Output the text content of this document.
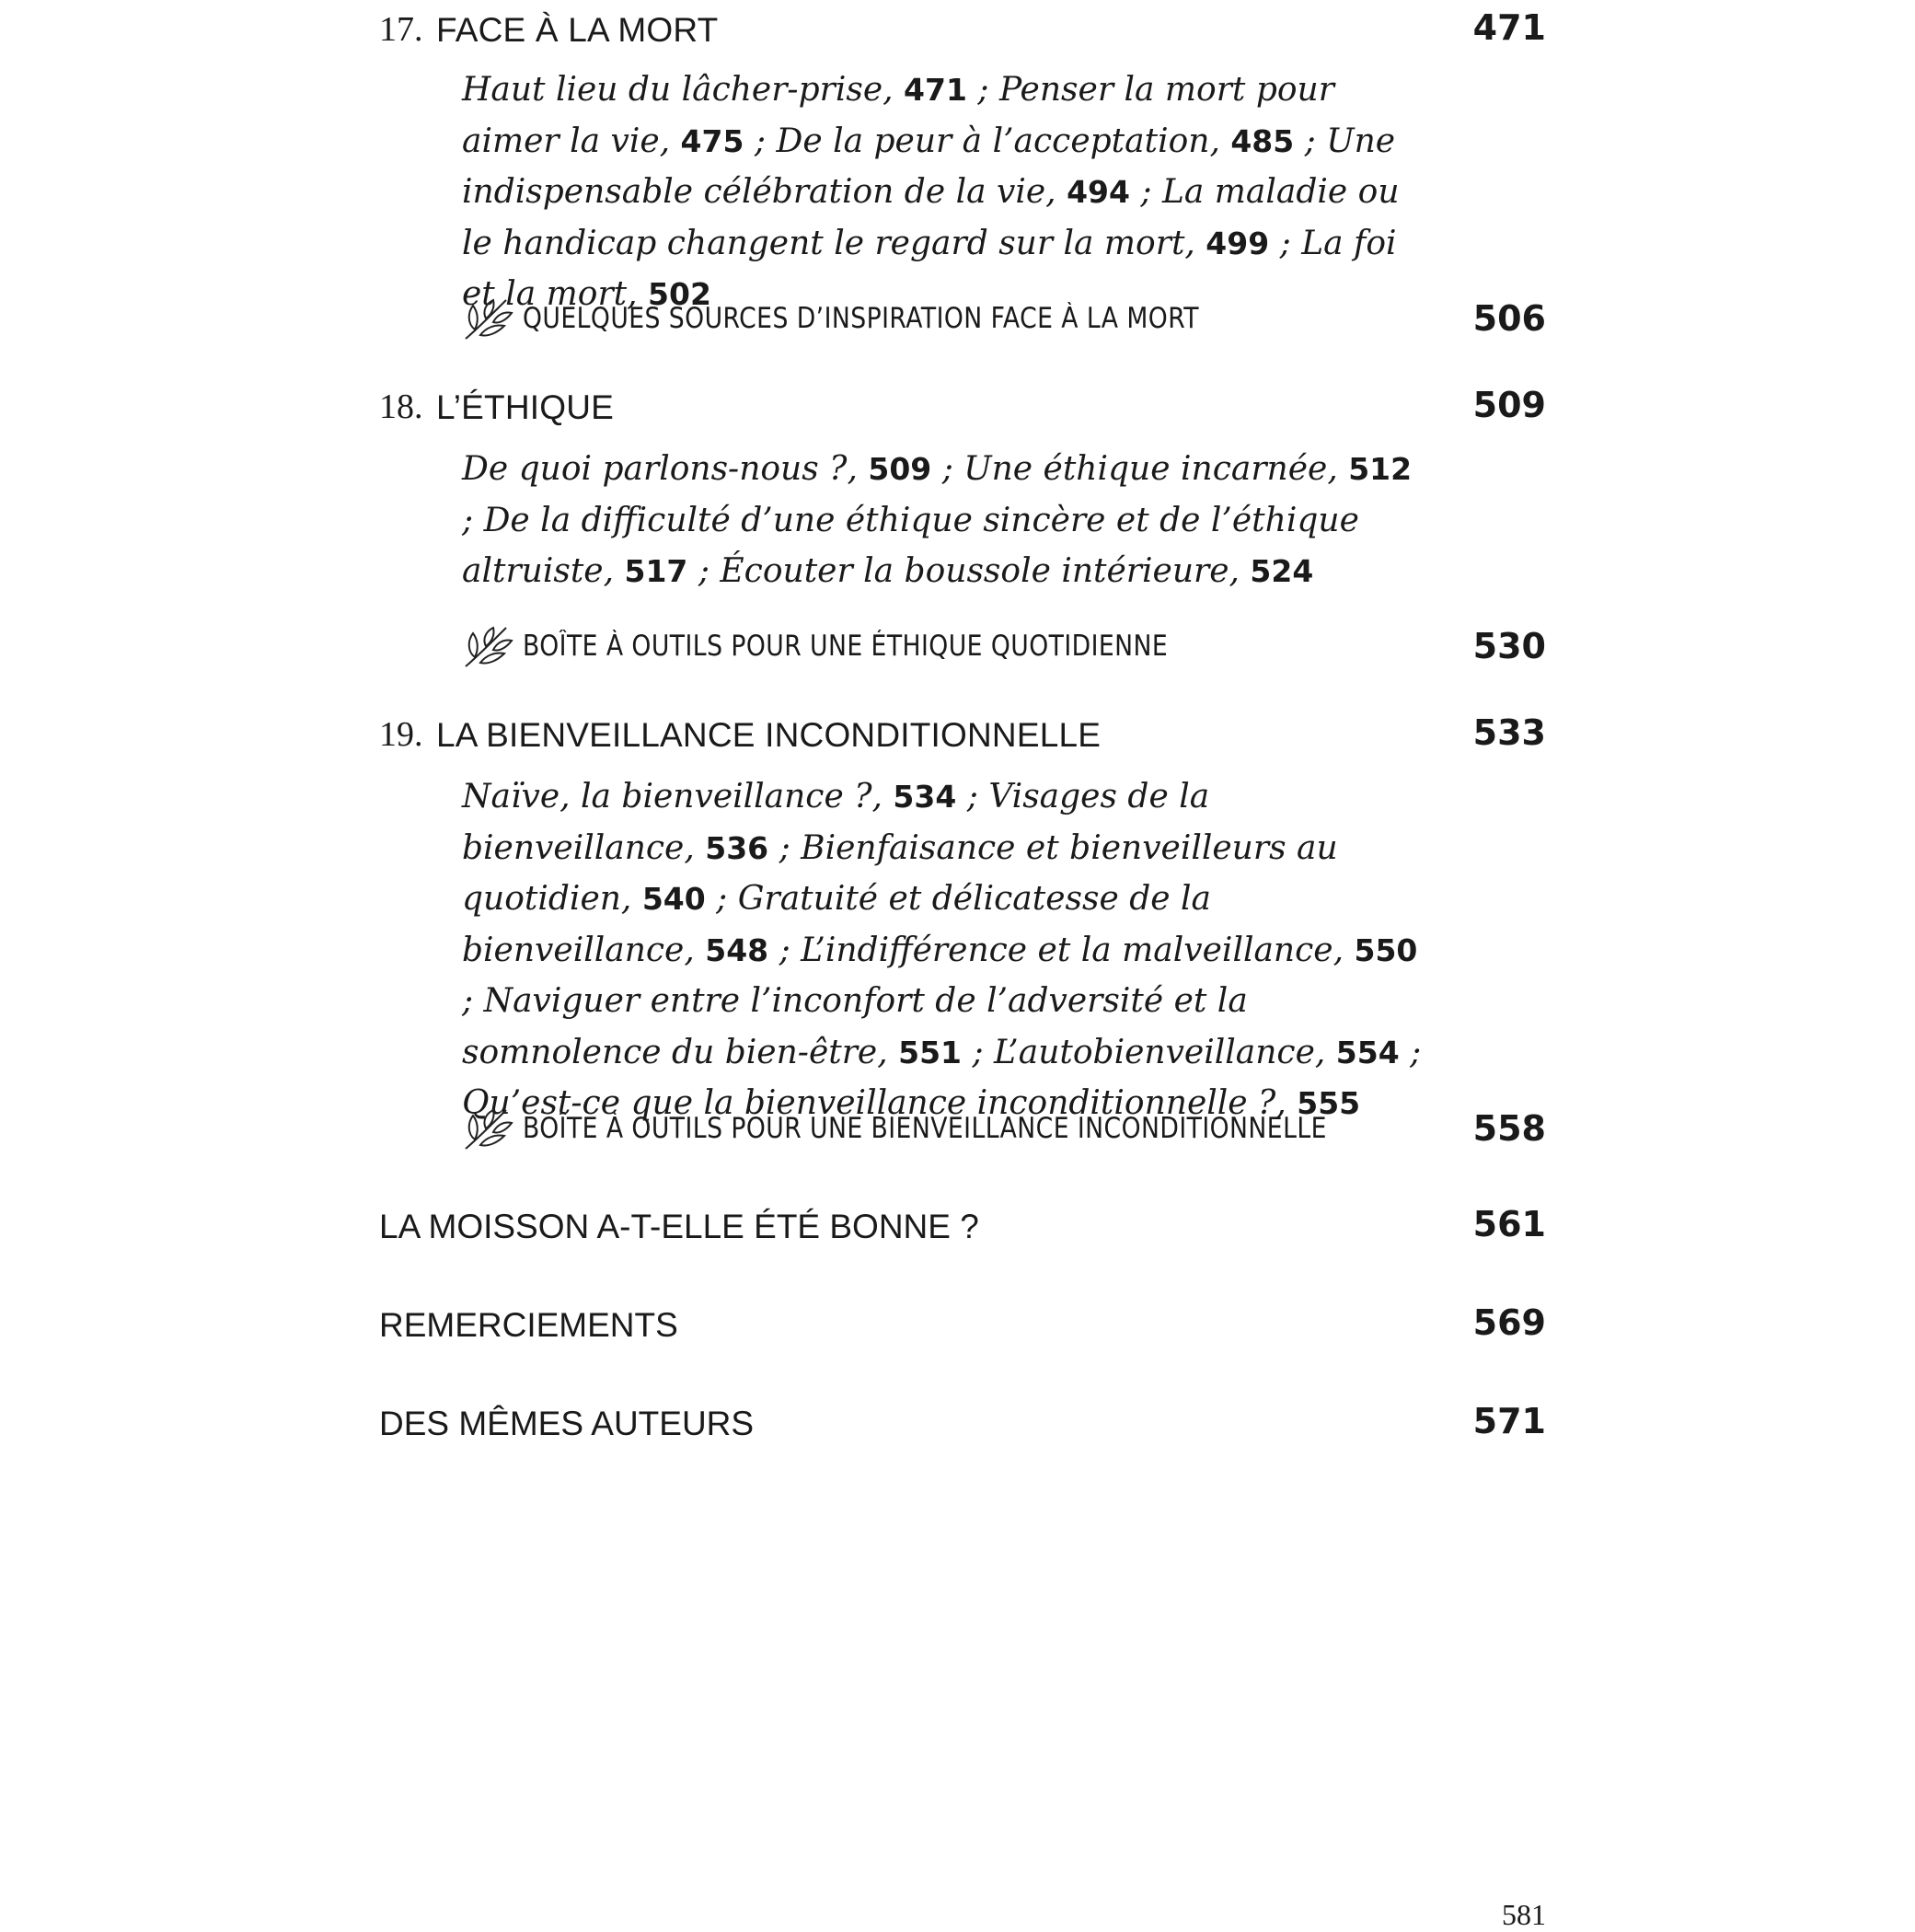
17. FACE À LA MORT	471
Haut lieu du lâcher-prise, 471 ; Penser la mort pour aimer la vie, 475 ; De la peur à l’acceptation, 485 ; Une indispensable célébration de la vie, 494 ; La maladie ou le handicap changent le regard sur la mort, 499 ; La foi et la mort, 502
QUELQUES SOURCES D’INSPIRATION FACE À LA MORT	506
18. L’ÉTHIQUE	509
De quoi parlons-nous ?, 509 ; Une éthique incarnée, 512 ; De la difficulté d’une éthique sincère et de l’éthique altruiste, 517 ; Écouter la boussole intérieure, 524
BOÎTE À OUTILS POUR UNE ÉTHIQUE QUOTIDIENNE	530
19. LA BIENVEILLANCE INCONDITIONNELLE	533
Naïve, la bienveillance ?, 534 ; Visages de la bienveillance, 536 ; Bienfaisance et bienveilleurs au quotidien, 540 ; Gratuité et délicatesse de la bienveillance, 548 ; L’indifférence et la malveillance, 550 ; Naviguer entre l’inconfort de l’adversité et la somnolence du bien-être, 551 ; L’autobienveillance, 554 ; Qu’est-ce que la bienveillance inconditionnelle ?, 555
BOÎTE À OUTILS POUR UNE BIENVEILLANCE INCONDITIONNELLE	558
LA MOISSON A-T-ELLE ÉTÉ BONNE ?	561
REMERCIEMENTS	569
DES MÊMES AUTEURS	571
581
